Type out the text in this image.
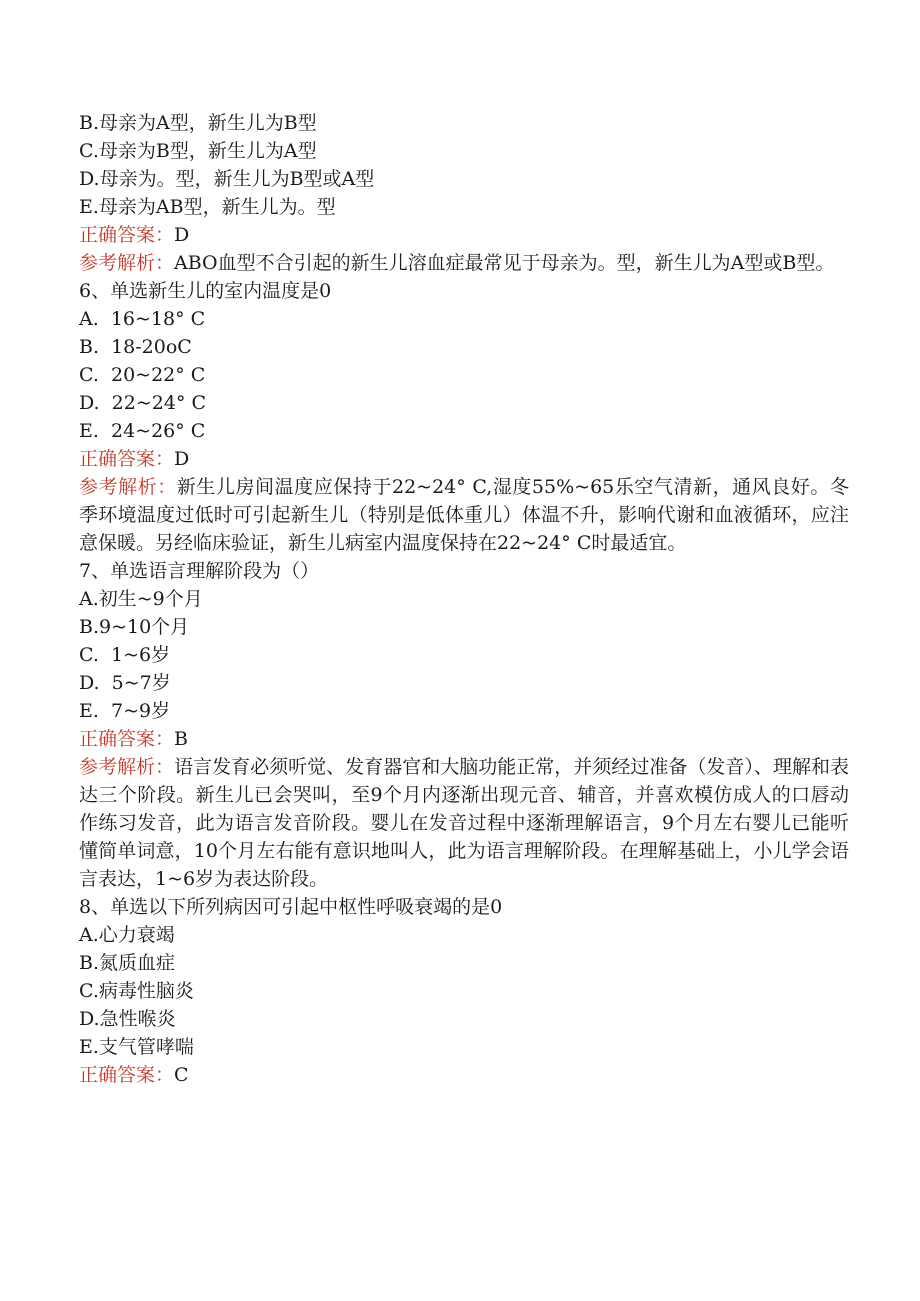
B.母亲为A型，新生儿为B型
C.母亲为B型，新生儿为A型
D.母亲为。型，新生儿为B型或A型
E.母亲为AB型，新生儿为。型
正确答案：D
参考解析：ABO血型不合引起的新生儿溶血症最常见于母亲为。型，新生儿为A型或B型。
6、单选新生儿的室内温度是0
A.  16~18° C
B.  18-20oC
C.  20~22° C
D.  22~24° C
E.  24~26° C
正确答案：D
参考解析：新生儿房间温度应保持于22~24° C,湿度55%~65乐空气清新，通风良好。冬季环境温度过低时可引起新生儿（特别是低体重儿）体温不升，影响代谢和血液循环，应注意保暖。另经临床验证，新生儿病室内温度保持在22~24° C时最适宜。
7、单选语言理解阶段为（）
A.初生~9个月
B.9~10个月
C.  1~6岁
D.  5~7岁
E.  7~9岁
正确答案：B
参考解析：语言发育必须听觉、发育器官和大脑功能正常，并须经过准备（发音）、理解和表达三个阶段。新生儿已会哭叫，至9个月内逐渐出现元音、辅音，并喜欢模仿成人的口唇动作练习发音，此为语言发音阶段。婴儿在发音过程中逐渐理解语言，9个月左右婴儿已能听懂简单词意，10个月左右能有意识地叫人，此为语言理解阶段。在理解基础上，小儿学会语言表达，1~6岁为表达阶段。
8、单选以下所列病因可引起中枢性呼吸衰竭的是0
A.心力衰竭
B.氮质血症
C.病毒性脑炎
D.急性喉炎
E.支气管哮喘
正确答案：C
